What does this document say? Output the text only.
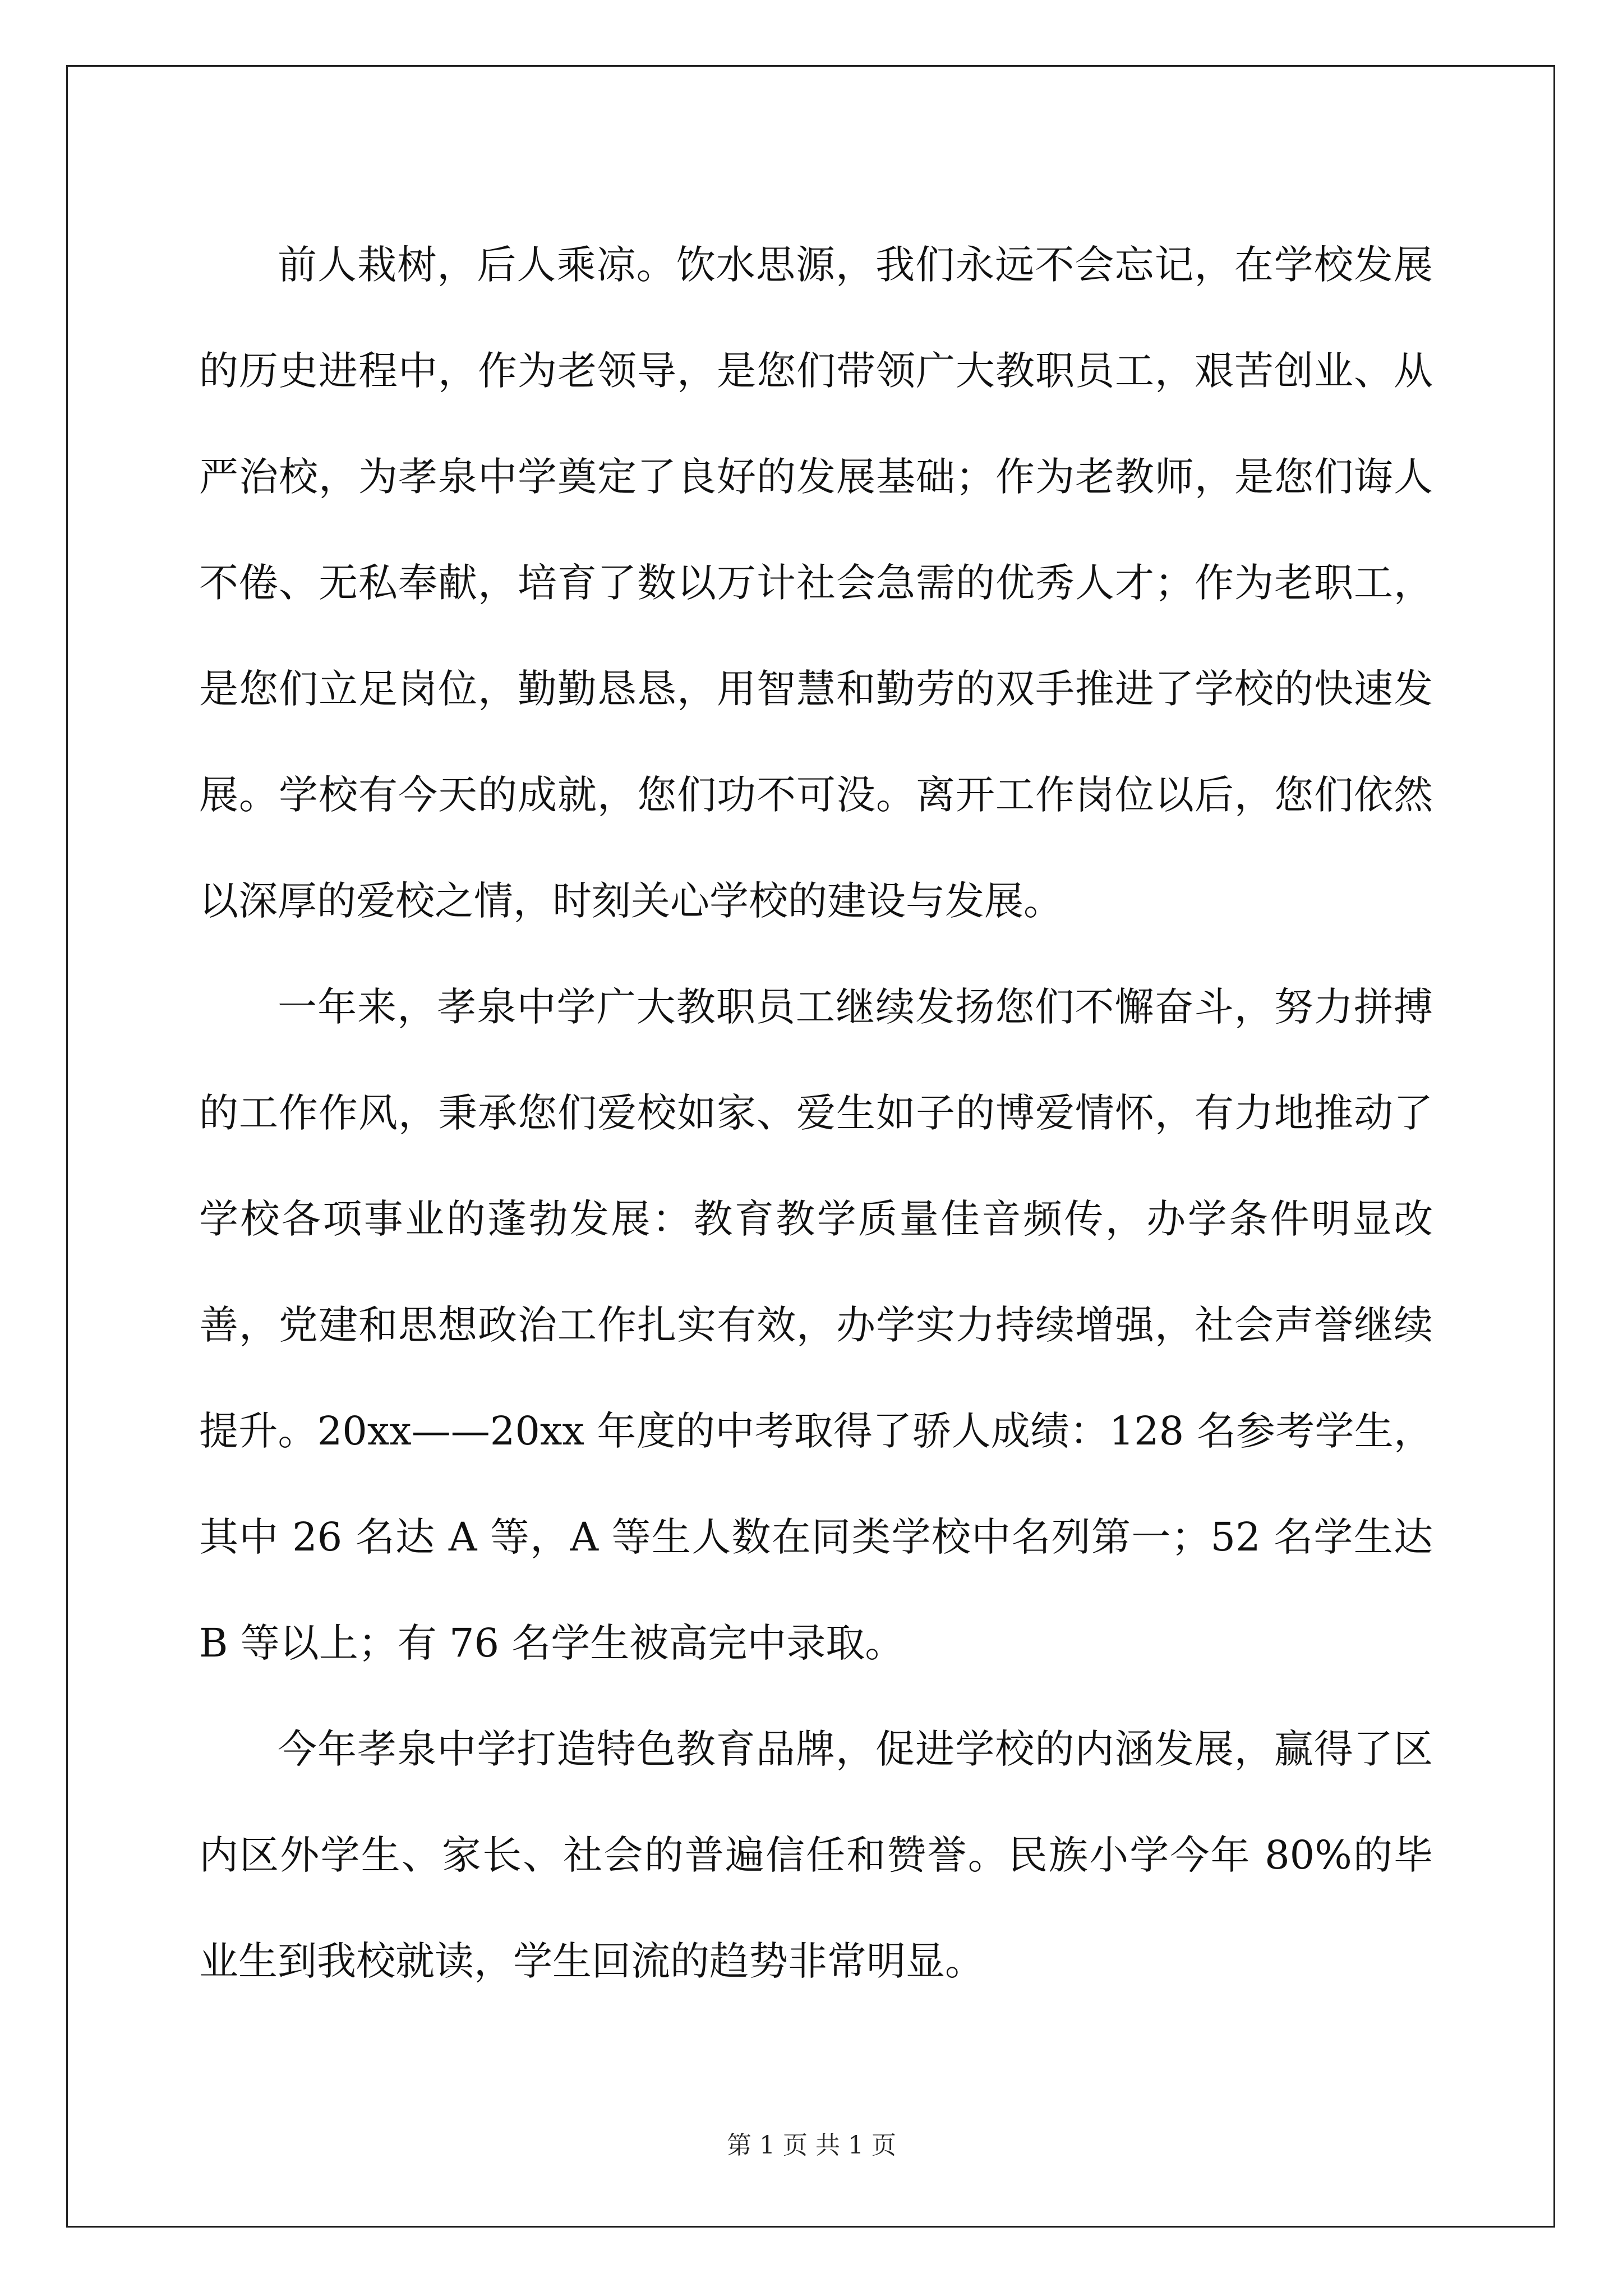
前人栽树，后人乘凉。饮水思源，我们永远不会忘记，在学校发展的历史进程中，作为老领导，是您们带领广大教职员工，艰苦创业、从严治校，为孝泉中学奠定了良好的发展基础；作为老教师，是您们诲人不倦、无私奉献，培育了数以万计社会急需的优秀人才；作为老职工，是您们立足岗位，勤勤恳恳，用智慧和勤劳的双手推进了学校的快速发展。学校有今天的成就，您们功不可没。离开工作岗位以后，您们依然以深厚的爱校之情，时刻关心学校的建设与发展。

一年来，孝泉中学广大教职员工继续发扬您们不懈奋斗，努力拼搏的工作作风，秉承您们爱校如家、爱生如子的博爱情怀，有力地推动了学校各项事业的蓬勃发展：教育教学质量佳音频传，办学条件明显改善，党建和思想政治工作扎实有效，办学实力持续增强，社会声誉继续提升。20xx——20xx 年度的中考取得了骄人成绩：128 名参考学生，其中 26 名达 A 等，A 等生人数在同类学校中名列第一；52 名学生达 B 等以上；有 76 名学生被高完中录取。

今年孝泉中学打造特色教育品牌，促进学校的内涵发展，赢得了区内区外学生、家长、社会的普遍信任和赞誉。民族小学今年 80%的毕业生到我校就读，学生回流的趋势非常明显。

第 1 页 共 1 页
